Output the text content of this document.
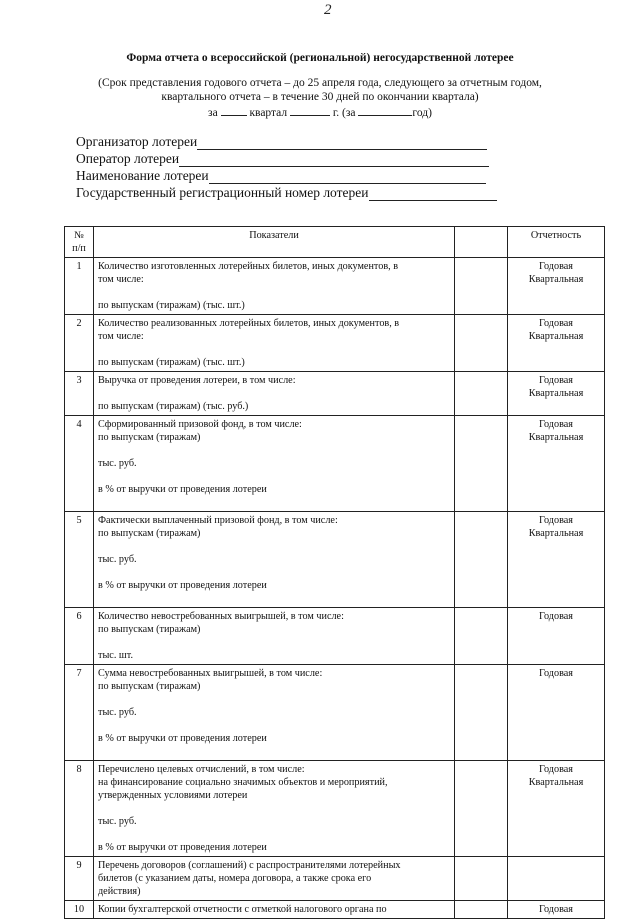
2
Форма отчета о всероссийской (региональной) негосударственной лотерее
(Срок представления годового отчета – до 25 апреля года, следующего за отчетным годом,
квартального отчета – в течение 30 дней по окончании квартала)
за	квартал	г. (за	год)
Организатор лотереи
Оператор лотереи
Наименование лотереи
Государственный регистрационный номер лотереи
№
п/п	Показатели		Отчетность
1	Количество изготовленных лотерейных билетов, иных документов, в
том числе:
по выпускам (тиражам) (тыс. шт.)		Годовая
Квартальная

2	Количество реализованных лотерейных билетов, иных документов, в
том числе:
по выпускам (тиражам) (тыс. шт.)		Годовая
Квартальная

3	Выручка от проведения лотереи, в том числе:
по выпускам (тиражам) (тыс. руб.)		Годовая
Квартальная

4	Сформированный призовой фонд, в том числе:
по выпускам (тиражам)
тыс. руб.
в % от выручки от проведения лотереи		Годовая
Квартальная

5	Фактически выплаченный призовой фонд, в том числе:
по выпускам (тиражам)
тыс. руб.
в % от выручки от проведения лотереи		Годовая
Квартальная

6	Количество невостребованных выигрышей, в том числе:
по выпускам (тиражам)
тыс. шт.		Годовая

7	Сумма невостребованных выигрышей, в том числе:
по выпускам (тиражам)
тыс. руб.
в % от выручки от проведения лотереи		Годовая

8	Перечислено целевых отчислений, в том числе:
на финансирование социально значимых объектов и мероприятий,
утвержденных условиями лотереи
тыс. руб.
в % от выручки от проведения лотереи		Годовая
Квартальная

9	Перечень договоров (соглашений) с распространителями лотерейных
билетов (с указанием даты, номера договора, а также срока его
действия)		

10	Копии бухгалтерской отчетности с отметкой налогового органа по		Годовая
